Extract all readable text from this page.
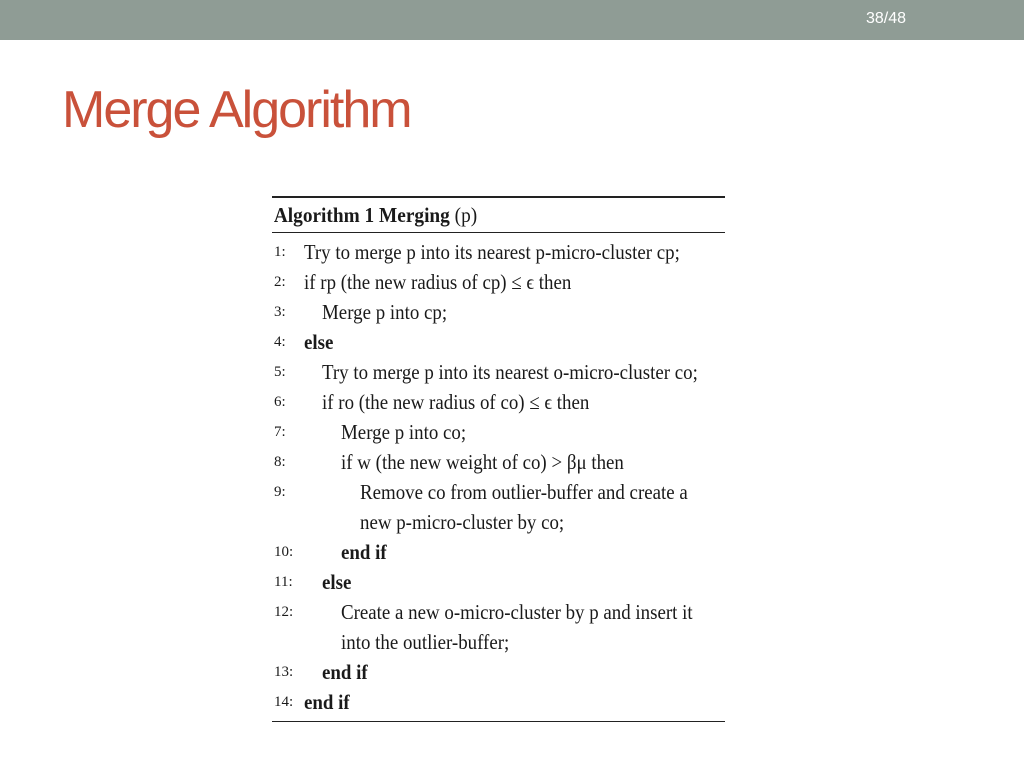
38/48
Merge Algorithm
Algorithm 1 Merging (p)
1: Try to merge p into its nearest p-micro-cluster cp;
2: if rp (the new radius of cp) ≤ ϵ then
3:	Merge p into cp;
4: else
5:	Try to merge p into its nearest o-micro-cluster co;
6:	if ro (the new radius of co) ≤ ϵ then
7:	Merge p into co;
8:	if w (the new weight of co) > βμ then
9:	Remove co from outlier-buffer and create a
new p-micro-cluster by co;
10:	end if
11:	else
12:	Create a new o-micro-cluster by p and insert it
into the outlier-buffer;
13:	end if
14: end if
